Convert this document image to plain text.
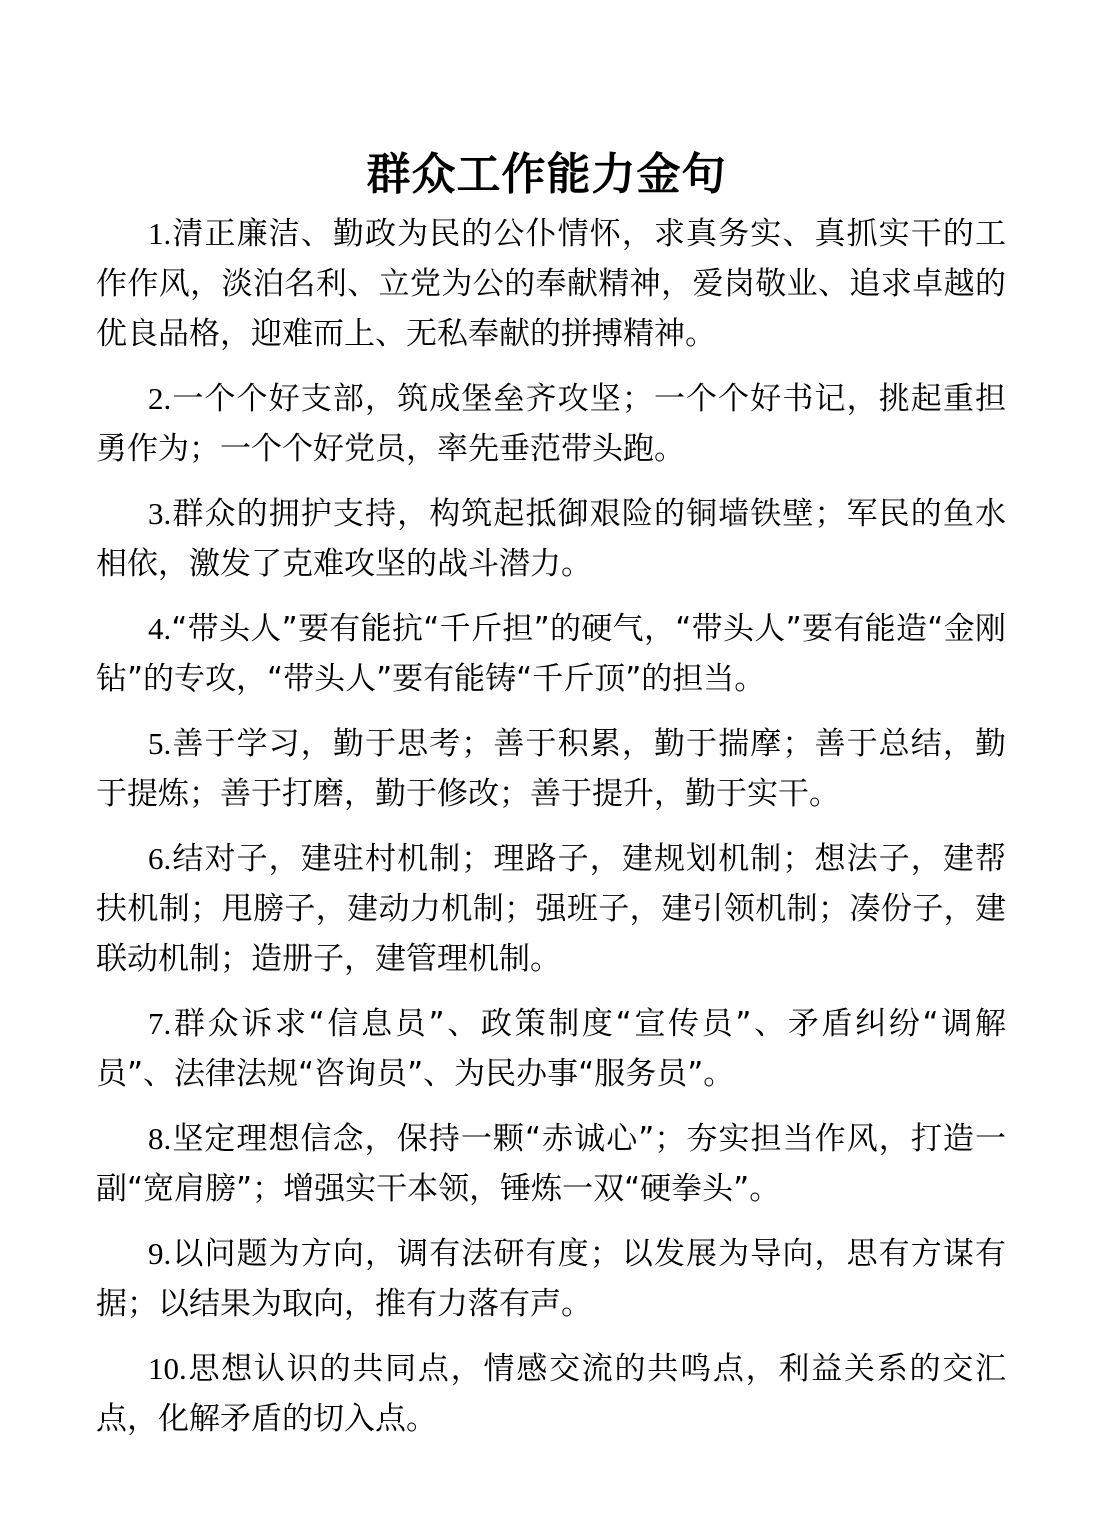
群众工作能力金句

1.清正廉洁、勤政为民的公仆情怀，求真务实、真抓实干的工作作风，淡泊名利、立党为公的奉献精神，爱岗敬业、追求卓越的优良品格，迎难而上、无私奉献的拼搏精神。

2.一个个好支部，筑成堡垒齐攻坚；一个个好书记，挑起重担勇作为；一个个好党员，率先垂范带头跑。

3.群众的拥护支持，构筑起抵御艰险的铜墙铁壁；军民的鱼水相依，激发了克难攻坚的战斗潜力。

4.“带头人”要有能抗“千斤担”的硬气，“带头人”要有能造“金刚钻”的专攻，“带头人”要有能铸“千斤顶”的担当。

5.善于学习，勤于思考；善于积累，勤于揣摩；善于总结，勤于提炼；善于打磨，勤于修改；善于提升，勤于实干。

6.结对子，建驻村机制；理路子，建规划机制；想法子，建帮扶机制；甩膀子，建动力机制；强班子，建引领机制；凑份子，建联动机制；造册子，建管理机制。

7.群众诉求“信息员”、政策制度“宣传员”、矛盾纠纷“调解员”、法律法规“咨询员”、为民办事“服务员”。

8.坚定理想信念，保持一颗“赤诚心”；夯实担当作风，打造一副“宽肩膀”；增强实干本领，锤炼一双“硬拳头”。

9.以问题为方向，调有法研有度；以发展为导向，思有方谋有据；以结果为取向，推有力落有声。

10.思想认识的共同点，情感交流的共鸣点，利益关系的交汇点，化解矛盾的切入点。
